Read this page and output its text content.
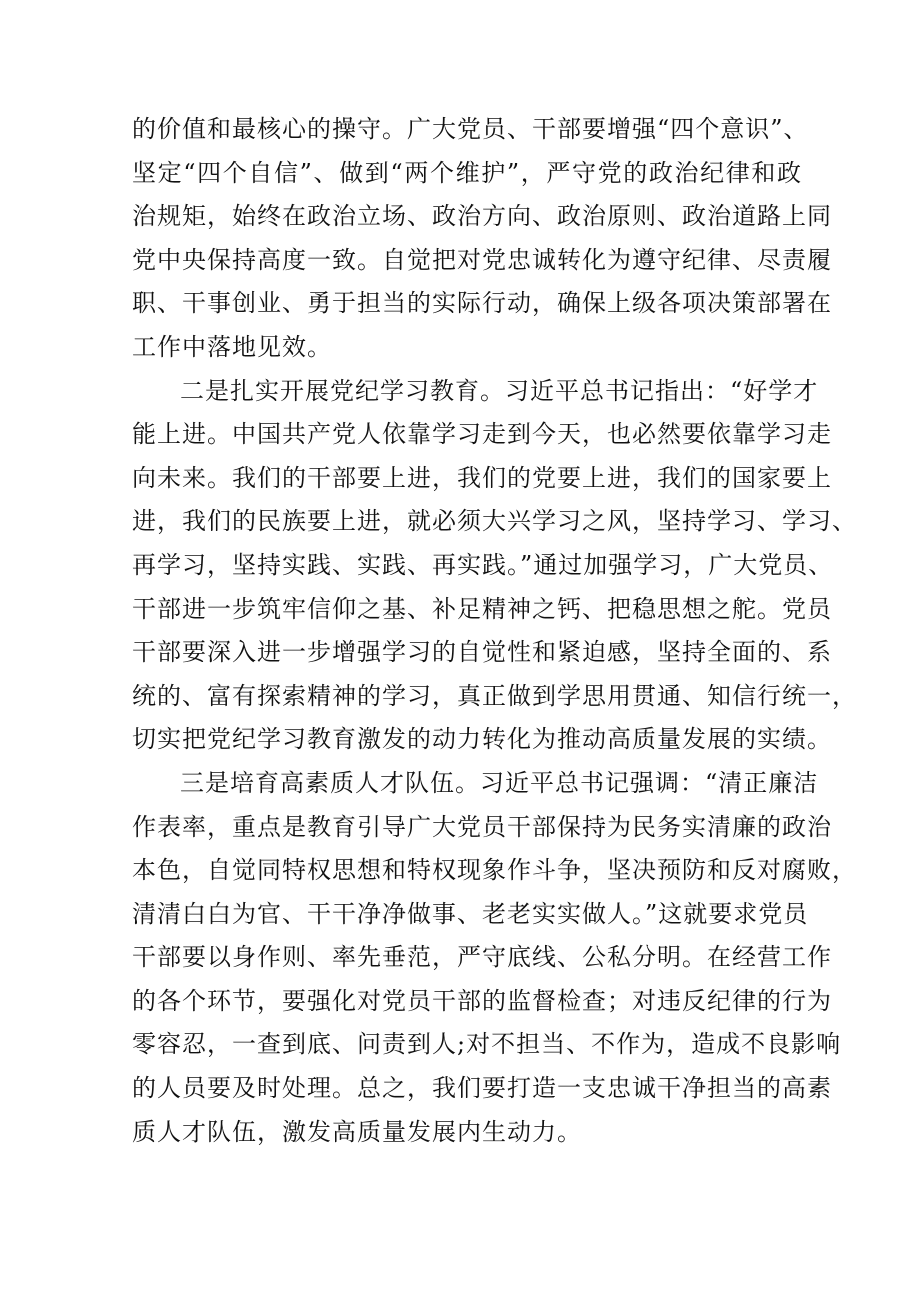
的价值和最核心的操守。广大党员、干部要增强“四个意识”、
坚定“四个自信”、做到“两个维护”，严守党的政治纪律和政
治规矩，始终在政治立场、政治方向、政治原则、政治道路上同
党中央保持高度一致。自觉把对党忠诚转化为遵守纪律、尽责履
职、干事创业、勇于担当的实际行动，确保上级各项决策部署在
工作中落地见效。
二是扎实开展党纪学习教育。习近平总书记指出：“好学才
能上进。中国共产党人依靠学习走到今天，也必然要依靠学习走
向未来。我们的干部要上进，我们的党要上进，我们的国家要上
进，我们的民族要上进，就必须大兴学习之风，坚持学习、学习、
再学习，坚持实践、实践、再实践。”通过加强学习，广大党员、
干部进一步筑牢信仰之基、补足精神之钙、把稳思想之舵。党员
干部要深入进一步增强学习的自觉性和紧迫感，坚持全面的、系
统的、富有探索精神的学习，真正做到学思用贯通、知信行统一，
切实把党纪学习教育激发的动力转化为推动高质量发展的实绩。
三是培育高素质人才队伍。习近平总书记强调：“清正廉洁
作表率，重点是教育引导广大党员干部保持为民务实清廉的政治
本色，自觉同特权思想和特权现象作斗争，坚决预防和反对腐败，
清清白白为官、干干净净做事、老老实实做人。”这就要求党员
干部要以身作则、率先垂范，严守底线、公私分明。在经营工作
的各个环节，要强化对党员干部的监督检查；对违反纪律的行为
零容忍，一查到底、问责到人;对不担当、不作为，造成不良影响
的人员要及时处理。总之，我们要打造一支忠诚干净担当的高素
质人才队伍，激发高质量发展内生动力。
